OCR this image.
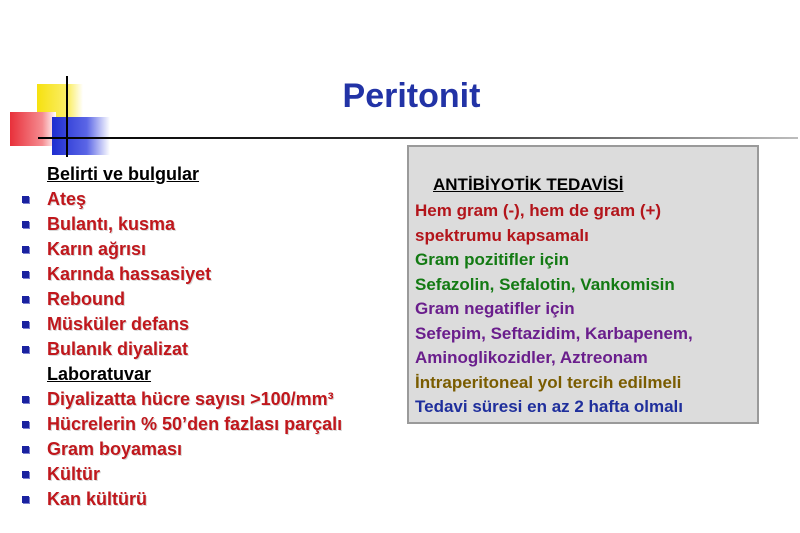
Peritonit
Belirti ve bulgular
Ateş
Bulantı, kusma
Karın ağrısı
Karında hassasiyet
Rebound
Müsküler defans
Bulanık diyalizat
Laboratuvar
Diyalizatta hücre sayısı >100/mm³
Hücrelerin % 50’den fazlası parçalı
Gram boyaması
Kültür
Kan kültürü
ANTİBİYOTİK TEDAVİSİ
Hem gram (-), hem de gram (+)
spektrumu kapsamalı
Gram pozitifler için
Sefazolin, Sefalotin, Vankomisin
Gram negatifler için
Sefepim, Seftazidim, Karbapenem,
Aminoglikozidler, Aztreonam
İntraperitoneal yol tercih edilmeli
Tedavi süresi en az 2 hafta olmalı
